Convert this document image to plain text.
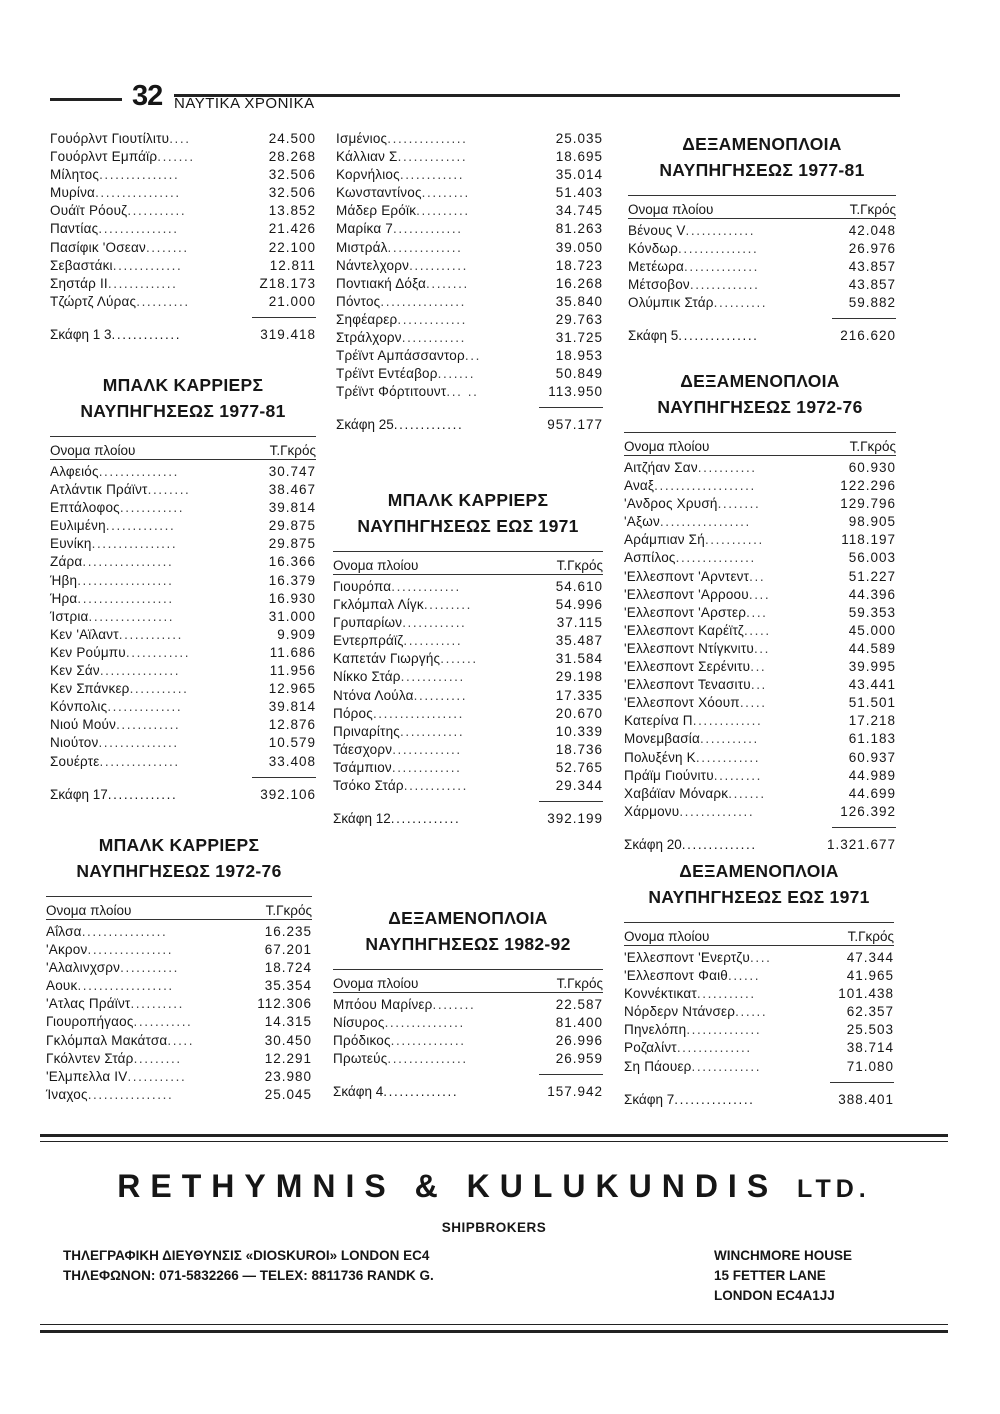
32 ΝΑΥΤΙΚΑ ΧΡΟΝΙΚΑ
Γουόρλντ Γιουτίλιτυ....	24.500
Γουόρλντ Εμπάϊρ.......	28.268
Μίλητος...............	32.506
Μυρίνα................	32.506
Ουάϊτ Ρόουζ...........	13.852
Παντίας...............	21.426
Πασίφικ 'Οσεαν........	22.100
Σεβαστάκι.............	12.811
Σηστάρ ΙΙ.............	Ζ18.173
Τζώρτζ Λύρας..........	21.000
Σκάφη 1 3.............	319.418
ΜΠΑΛΚ ΚΑΡΡΙΕΡΣ
ΝΑΥΠΗΓΗΣΕΩΣ 1977-81
Ονομα πλοίου	Τ.Γκρός
Αλφειός...............	30.747
Ατλάντικ Πράϊντ........	38.467
Επτάλοφος............	39.814
Ευλιμένη.............	29.875
Ευνίκη................	29.875
Ζάρα.................	16.366
Ήβη..................	16.379
Ήρα..................	16.930
Ίστρια................	31.000
Κεν 'Αϊλαντ............	9.909
Κεν Ρούμπυ............	11.686
Κεν Σάν...............	11.956
Κεν Σπάνκερ...........	12.965
Κόνπολις..............	39.814
Νιού Μούν............	12.876
Νιούτον...............	10.579
Σουέρτε...............	33.408
Σκάφη 17.............	392.106
ΜΠΑΛΚ ΚΑΡΡΙΕΡΣ
ΝΑΥΠΗΓΗΣΕΩΣ 1972-76
Ονομα πλοίου	Τ.Γκρός
Αΐλσα................	16.235
'Ακρον................	67.201
'Αλαλινχσρν...........	18.724
Αουκ..................	35.354
'Ατλας Πράϊντ..........	112.306
Γιουροπήγαος...........	14.315
Γκλόμπαλ Μακάτσα.....	30.450
Γκόλντεν Στάρ.........	12.291
'Ελμπελλα IV...........	23.980
Ίναχος................	25.045
Ισμένιος...............	25.035
Κάλλιαν Σ.............	18.695
Κορνήλιος............	35.014
Κωνσταντίνος.........	51.403
Μάδερ Ερόϊκ..........	34.745
Μαρίκα 7.............	81.263
Μιστράλ..............	39.050
Νάντελχορν...........	18.723
Ποντιακή Δόξα........	16.268
Πόντος................	35.840
Σηφέαρερ.............	29.763
Στράλχορν............	31.725
Τρέϊντ Αμπάσσαντορ...	18.953
Τρέϊντ Εντέαβορ.......	50.849
Τρέϊντ Φόρτιτουντ... ..	113.950
Σκάφη 25.............	957.177
ΜΠΑΛΚ ΚΑΡΡΙΕΡΣ
ΝΑΥΠΗΓΗΣΕΩΣ ΕΩΣ 1971
Ονομα πλοίου	Τ.Γκρός
Γιουρόπα.............	54.610
Γκλόμπαλ Λίγκ.........	54.996
Γρυπαρίων............	37.115
Εντερπράϊζ...........	35.487
Καπετάν Γιωργής.......	31.584
Νίκκο Στάρ............	29.198
Ντόνα Λούλα..........	17.335
Πόρος.................	20.670
Πριναρίτης............	10.339
Τάεσχορν.............	18.736
Τσάμπιον.............	52.765
Τσόκο Στάρ............	29.344
Σκάφη 12.............	392.199
ΔΕΞΑΜΕΝΟΠΛΟΙΑ
ΝΑΥΠΗΓΗΣΕΩΣ 1982-92
Ονομα πλοίου	Τ.Γκρός
Μπόου Μαρίνερ........	22.587
Νίσυρος...............	81.400
Πρόδικος..............	26.996
Πρωτεύς...............	26.959
Σκάφη 4..............	157.942
ΔΕΞΑΜΕΝΟΠΛΟΙΑ
ΝΑΥΠΗΓΗΣΕΩΣ 1977-81
Ονομα πλοίου	Τ.Γκρός
Βένους V.............	42.048
Κόνδωρ...............	26.976
Μετέωρα..............	43.857
Μέτσοβον.............	43.857
Ολύμπικ Στάρ..........	59.882
Σκάφη 5...............	216.620
ΔΕΞΑΜΕΝΟΠΛΟΙΑ
ΝΑΥΠΗΓΗΣΕΩΣ 1972-76
Ονομα πλοίου	Τ.Γκρός
Αιτζήαν Σαν...........	60.930
Αναξ...................	122.296
'Ανδρος Χρυσή........	129.796
'Αξων.................	98.905
Αράμπιαν Σή...........	118.197
Ασπίλος...............	56.003
'Ελλεσποντ 'Αρντεντ...	51.227
'Ελλεσποντ 'Αρροου....	44.396
'Ελλεσποντ 'Αρστερ....	59.353
'Ελλεσποντ Καρέϊτζ.....	45.000
'Ελλεσποντ Ντίγκνιτυ...	44.589
'Ελλεσποντ Σερένιτυ...	39.995
'Ελλεσποντ Τενασιτυ...	43.441
'Ελλεσποντ Χόουπ.....	51.501
Κατερίνα Π.............	17.218
Μονεμβασία...........	61.183
Πολυξένη Κ............	60.937
Πράϊμ Γιούνιτυ.........	44.989
Χαβάϊαν Μόναρκ.......	44.699
Χάρμονυ..............	126.392
Σκάφη 20..............	1.321.677
ΔΕΞΑΜΕΝΟΠΛΟΙΑ
ΝΑΥΠΗΓΗΣΕΩΣ ΕΩΣ 1971
Ονομα πλοίου	Τ.Γκρός
'Ελλεσποντ 'Ενερτζυ....	47.344
'Ελλεσποντ Φαιθ......	41.965
Κοννέκτικατ...........	101.438
Νόρδερν Ντάνσερ......	62.357
Πηνελόπη..............	25.503
Ροζαλίντ..............	38.714
Ση Πάουερ.............	71.080
Σκάφη 7...............	388.401
RETHYMNIS & KULUKUNDIS LTD.
SHIPBROKERS
ΤΗΛΕΓΡΑΦΙΚΗ ΔΙΕΥΘΥΝΣΙΣ «DIOSKUROI» LONDON EC4
ΤΗΛΕΦΩΝΟΝ: 071-5832266 — TELEX: 8811736 RANDK G.
WINCHMORE HOUSE
15 FETTER LANE
LONDON EC4A1JJ
